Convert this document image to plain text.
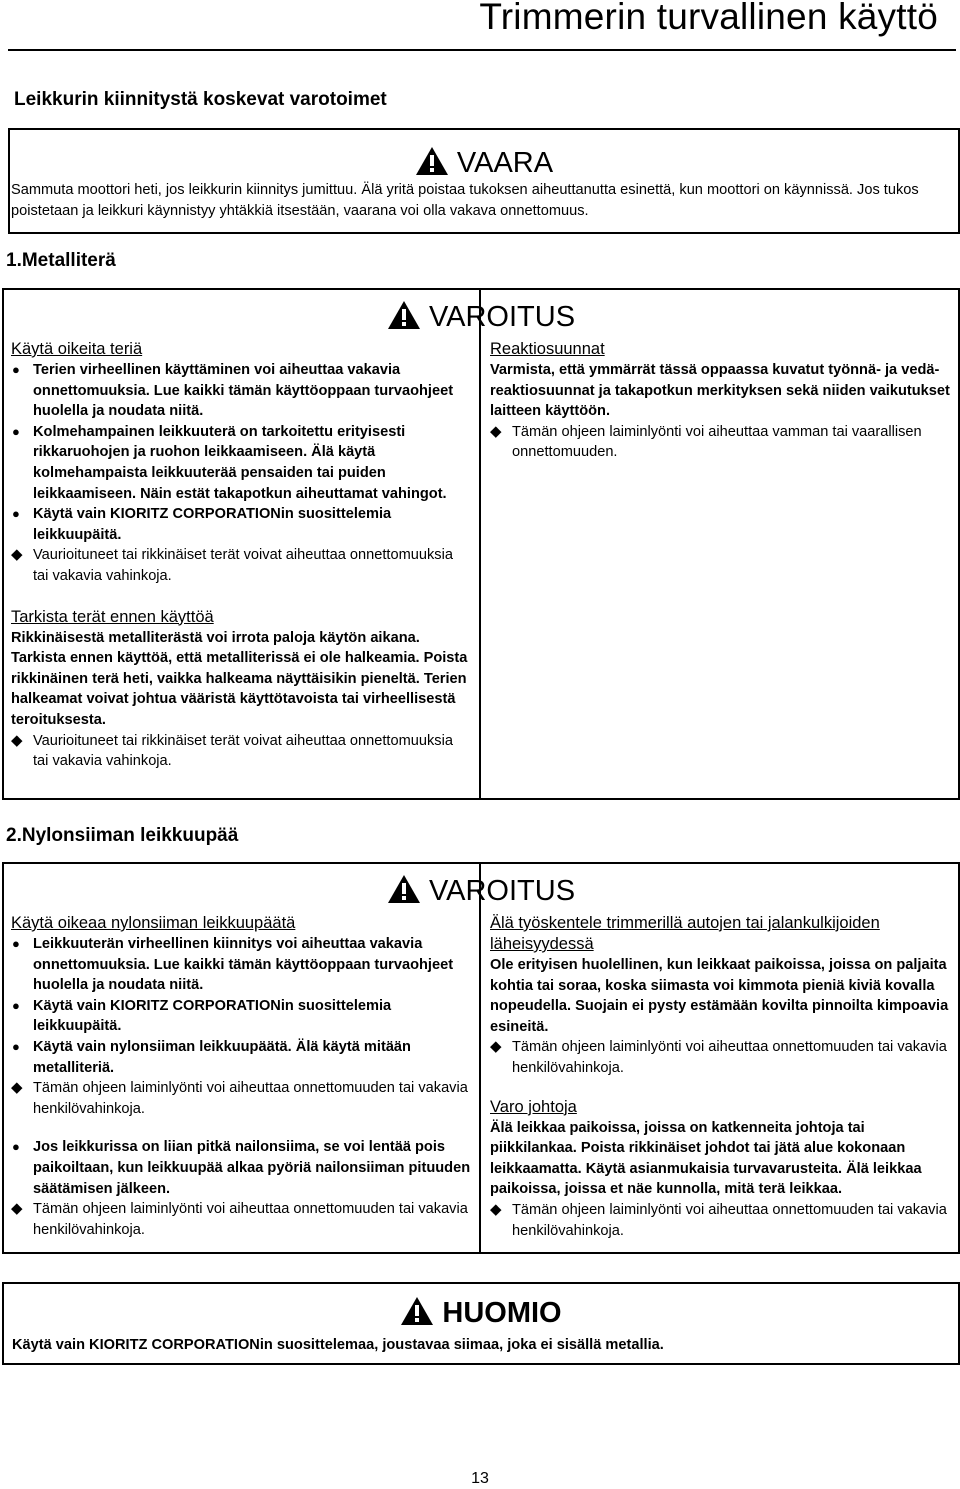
Trimmerin turvallinen käyttö
Leikkurin kiinnitystä koskevat varotoimet
VAARA
Sammuta moottori heti, jos leikkurin kiinnitys jumittuu. Älä yritä poistaa tukoksen aiheuttanutta esinettä, kun moottori on käynnissä. Jos tukos poistetaan ja leikkuri käynnistyy yhtäkkiä itsestään, vaarana voi olla vakava onnettomuus.
1.Metalliterä
VAROITUS

Käytä oikeita teriä

● Terien virheellinen käyttäminen voi aiheuttaa vakavia onnettomuuksia. Lue kaikki tämän käyttöoppaan turvaohjeet huolella ja noudata niitä.

● Kolmehampainen leikkuuterä on tarkoitettu erityisesti rikkaruohojen ja ruohon leikkaamiseen. Älä käytä kolmehampaista leikkuuterää pensaiden tai puiden leikkaamiseen. Näin estät takapotkun aiheuttamat vahingot.

● Käytä vain KIORITZ CORPORATIONin suosittelemia leikkuupäitä.

◆ Vaurioituneet tai rikkinäiset terät voivat aiheuttaa onnettomuuksia tai vakavia vahinkoja.

Tarkista terät ennen käyttöä

Rikkinäisestä metalliterästä voi irrota paloja käytön aikana. Tarkista ennen käyttöä, että metalliterissä ei ole halkeamia. Poista rikkinäinen terä heti, vaikka halkeama näyttäisikin pieneltä. Terien halkeamat voivat johtua vääristä käyttötavoista tai virheellisestä teroituksesta.

◆ Vaurioituneet tai rikkinäiset terät voivat aiheuttaa onnettomuuksia tai vakavia vahinkoja.

Reaktiosuunnat

Varmista, että ymmärrät tässä oppaassa kuvatut työnnä- ja vedä-reaktiosuunnat ja takapotkun merkityksen sekä niiden vaikutukset laitteen käyttöön.

◆ Tämän ohjeen laiminlyönti voi aiheuttaa vamman tai vaarallisen onnettomuuden.

2.Nylonsiiman leikkuupää
VAROITUS

Käytä oikeaa nylonsiiman leikkuupäätä

● Leikkuuterän virheellinen kiinnitys voi aiheuttaa vakavia onnettomuuksia. Lue kaikki tämän käyttöoppaan turvaohjeet huolella ja noudata niitä.

● Käytä vain KIORITZ CORPORATIONin suosittelemia leikkuupäitä.

● Käytä vain nylonsiiman leikkuupäätä. Älä käytä mitään metalliteriä.

◆ Tämän ohjeen laiminlyönti voi aiheuttaa onnettomuuden tai vakavia henkilövahinkoja.

● Jos leikkurissa on liian pitkä nailonsiima, se voi lentää pois paikoiltaan, kun leikkuupää alkaa pyöriä nailonsiiman pituuden säätämisen jälkeen.

◆ Tämän ohjeen laiminlyönti voi aiheuttaa onnettomuuden tai vakavia henkilövahinkoja.

Älä työskentele trimmerillä autojen tai jalankulkijoiden läheisyydessä

Ole erityisen huolellinen, kun leikkaat paikoissa, joissa on paljaita kohtia tai soraa, koska siimasta voi kimmota pieniä kiviä kovalla nopeudella. Suojain ei pysty estämään kovilta pinnoilta kimpoavia esineitä.

◆ Tämän ohjeen laiminlyönti voi aiheuttaa onnettomuuden tai vakavia henkilövahinkoja.

Varo johtoja

Älä leikkaa paikoissa, joissa on katkenneita johtoja tai piikkilankaa. Poista rikkinäiset johdot tai jätä alue kokonaan leikkaamatta. Käytä asianmukaisia turvavarusteita. Älä leikkaa paikoissa, joissa et näe kunnolla, mitä terä leikkaa.

◆ Tämän ohjeen laiminlyönti voi aiheuttaa onnettomuuden tai vakavia henkilövahinkoja.

HUOMIO
Käytä vain KIORITZ CORPORATIONin suosittelemaa, joustavaa siimaa, joka ei sisällä metallia.
13
